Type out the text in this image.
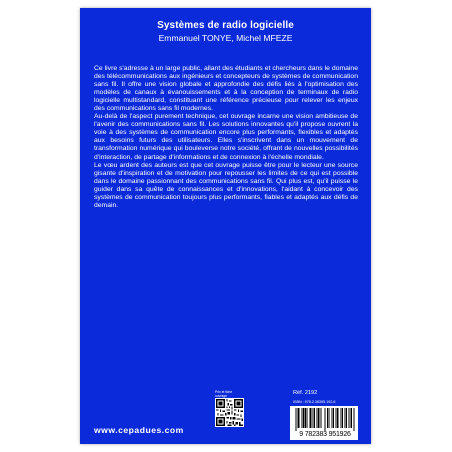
Systèmes de radio logicielle
Emmanuel TONYE, Michel MFEZE

Ce livre s'adresse à un large public, allant des étudiants et chercheurs dans le domaine des télécommunications aux ingénieurs et concepteurs de systèmes de communication sans fil. Il offre une vision globale et approfondie des défis liés à l'optimisation des modèles de canaux à évanouissements et à la conception de terminaux de radio logicielle multistandard, constituant une référence précieuse pour relever les enjeux des communications sans fil modernes.

Au-delà de l'aspect purement technique, cet ouvrage incarne une vision ambitieuse de l'avenir des communications sans fil. Les solutions innovantes qu'il propose ouvrent la voie à des systèmes de communication encore plus performants, flexibles et adaptés aux besoins futurs des utilisateurs. Elles s'inscrivent dans un mouvement de transformation numérique qui bouleverse notre société, offrant de nouvelles possibilités d'interaction, de partage d'informations et de connexion à l'échelle mondiale.

Le vœu ardent des auteurs est que cet ouvrage puisse être pour le lecteur une source gisante d'inspiration et de motivation pour repousser les limites de ce qui est possible dans le domaine passionnant des communications sans fil. Qui plus est, qu'il puisse le guider dans sa quête de connaissances et d'innovations, l'aidant à concevoir des systèmes de communication toujours plus performants, fiables et adaptés aux défis de demain.

www.cepadues.com
Prix et fiche ouvrage	Réf. 2192
ISBN : 978.2.38395.192.6
9 782383 951926
